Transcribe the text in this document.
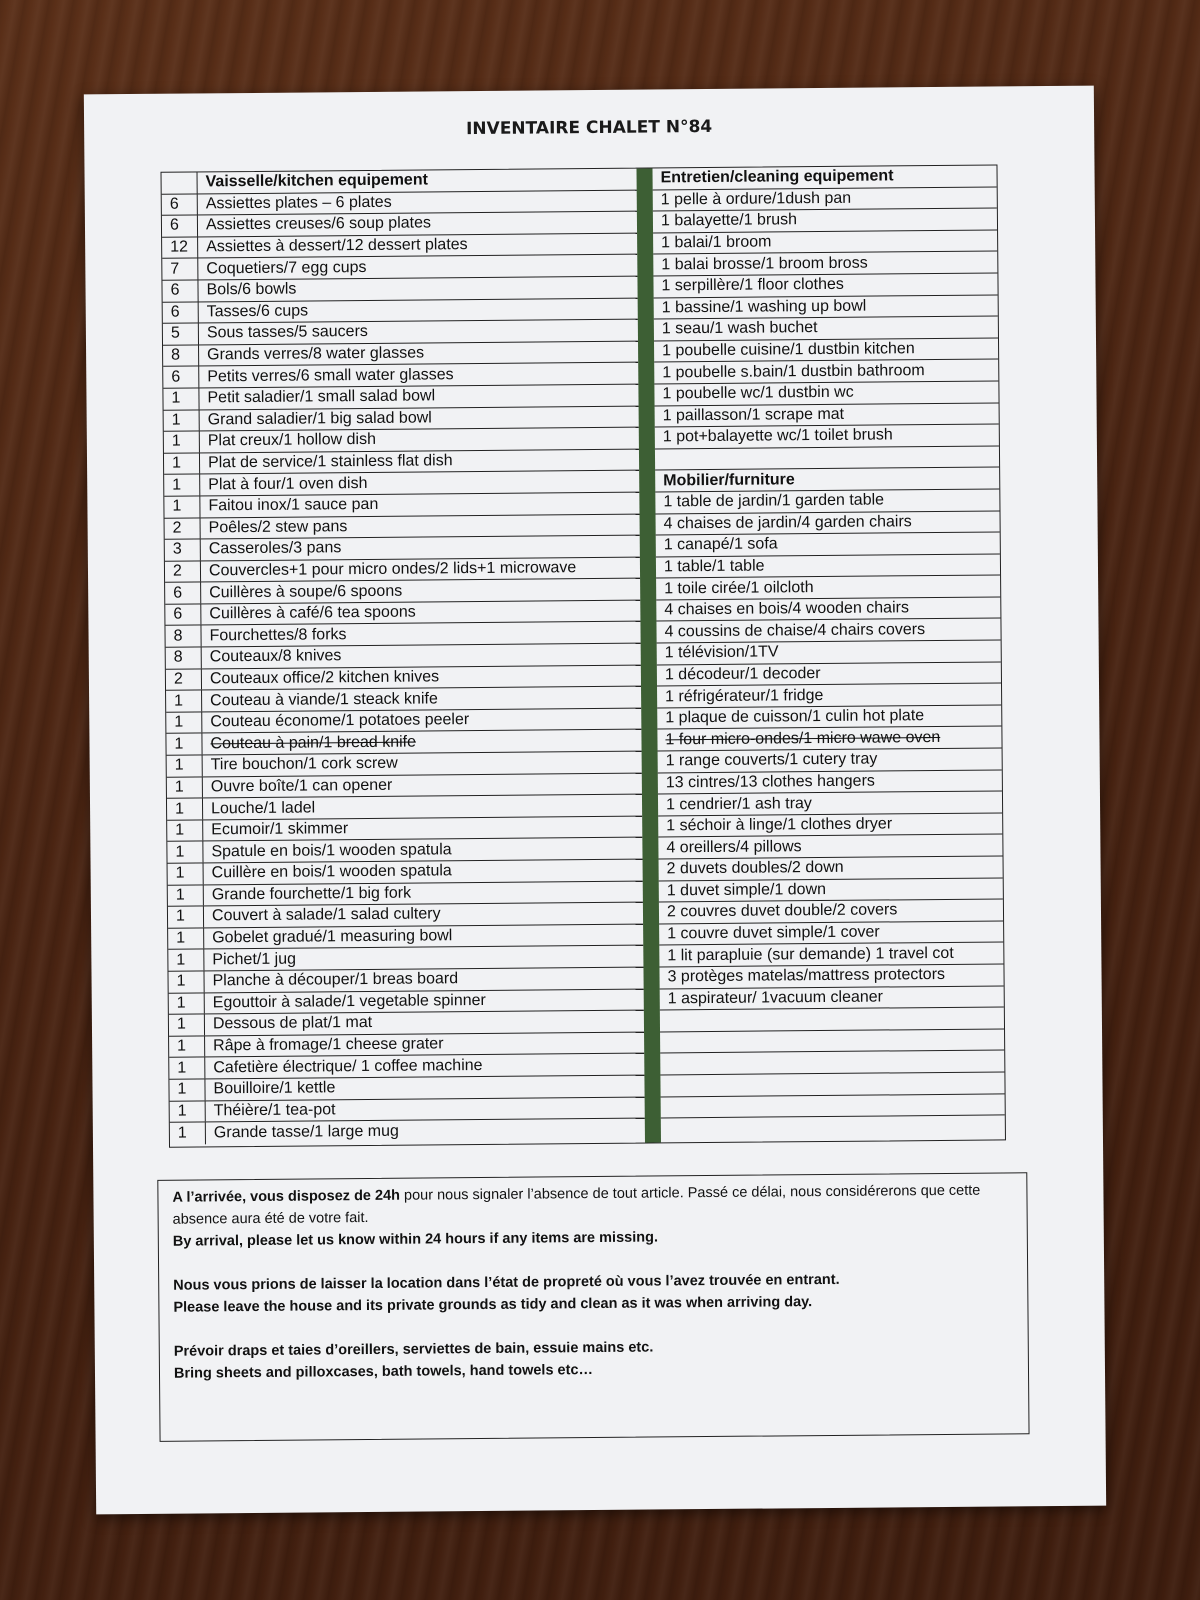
INVENTAIRE CHALET N°84
Vaisselle/kitchen equipement
6	Assiettes plates – 6 plates
6	Assiettes creuses/6 soup plates
12	Assiettes à dessert/12 dessert plates
7	Coquetiers/7 egg cups
6	Bols/6 bowls
6	Tasses/6 cups
5	Sous tasses/5 saucers
8	Grands verres/8 water glasses
6	Petits verres/6 small water glasses
1	Petit saladier/1 small salad bowl
1	Grand saladier/1 big salad bowl
1	Plat creux/1 hollow dish
1	Plat de service/1 stainless flat dish
1	Plat à four/1 oven dish
1	Faitou inox/1 sauce pan
2	Poêles/2 stew pans
3	Casseroles/3 pans
2	Couvercles+1 pour micro ondes/2 lids+1 microwave
6	Cuillères à soupe/6 spoons
6	Cuillères à café/6 tea spoons
8	Fourchettes/8 forks
8	Couteaux/8 knives
2	Couteaux office/2 kitchen knives
1	Couteau à viande/1 steack knife
1	Couteau économe/1 potatoes peeler
1	Couteau à pain/1 bread knife
1	Tire bouchon/1 cork screw
1	Ouvre boîte/1 can opener
1	Louche/1 ladel
1	Ecumoir/1 skimmer
1	Spatule en bois/1 wooden spatula
1	Cuillère en bois/1 wooden spatula
1	Grande fourchette/1 big fork
1	Couvert à salade/1 salad cultery
1	Gobelet gradué/1 measuring bowl
1	Pichet/1 jug
1	Planche à découper/1 breas board
1	Egouttoir à salade/1 vegetable spinner
1	Dessous de plat/1 mat
1	Râpe à fromage/1 cheese grater
1	Cafetière électrique/ 1 coffee machine
1	Bouilloire/1 kettle
1	Théière/1 tea-pot
1	Grande tasse/1 large mug
Entretien/cleaning equipement
1 pelle à ordure/1dush pan
1 balayette/1 brush
1 balai/1 broom
1 balai brosse/1 broom bross
1 serpillère/1 floor clothes
1 bassine/1 washing up bowl
1 seau/1 wash buchet
1 poubelle cuisine/1 dustbin kitchen
1 poubelle s.bain/1 dustbin bathroom
1 poubelle wc/1 dustbin wc
1 paillasson/1 scrape mat
1 pot+balayette wc/1 toilet brush
Mobilier/furniture
1 table de jardin/1 garden table
4 chaises de jardin/4 garden chairs
1 canapé/1 sofa
1 table/1 table
1 toile cirée/1 oilcloth
4 chaises en bois/4 wooden chairs
4 coussins de chaise/4 chairs covers
1 télévision/1TV
1 décodeur/1 decoder
1 réfrigérateur/1 fridge
1 plaque de cuisson/1 culin hot plate
1 four micro-ondes/1 micro wawe oven
1 range couverts/1 cutery tray
13 cintres/13 clothes hangers
1 cendrier/1 ash tray
1 séchoir à linge/1 clothes dryer
4 oreillers/4 pillows
2 duvets doubles/2 down
1 duvet simple/1 down
2 couvres duvet double/2 covers
1 couvre duvet simple/1 cover
1 lit parapluie (sur demande) 1 travel cot
3 protèges matelas/mattress protectors
1 aspirateur/ 1vacuum cleaner

A l’arrivée, vous disposez de 24h pour nous signaler l’absence de tout article. Passé ce délai, nous considérerons que cette absence aura été de votre fait.

By arrival, please let us know within 24 hours if any items are missing.

Nous vous prions de laisser la location dans l’état de propreté où vous l’avez trouvée en entrant.

Please leave the house and its private grounds as tidy and clean as it was when arriving day.

Prévoir draps et taies d’oreillers, serviettes de bain, essuie mains etc.

Bring sheets and pilloxcases, bath towels, hand towels etc…
